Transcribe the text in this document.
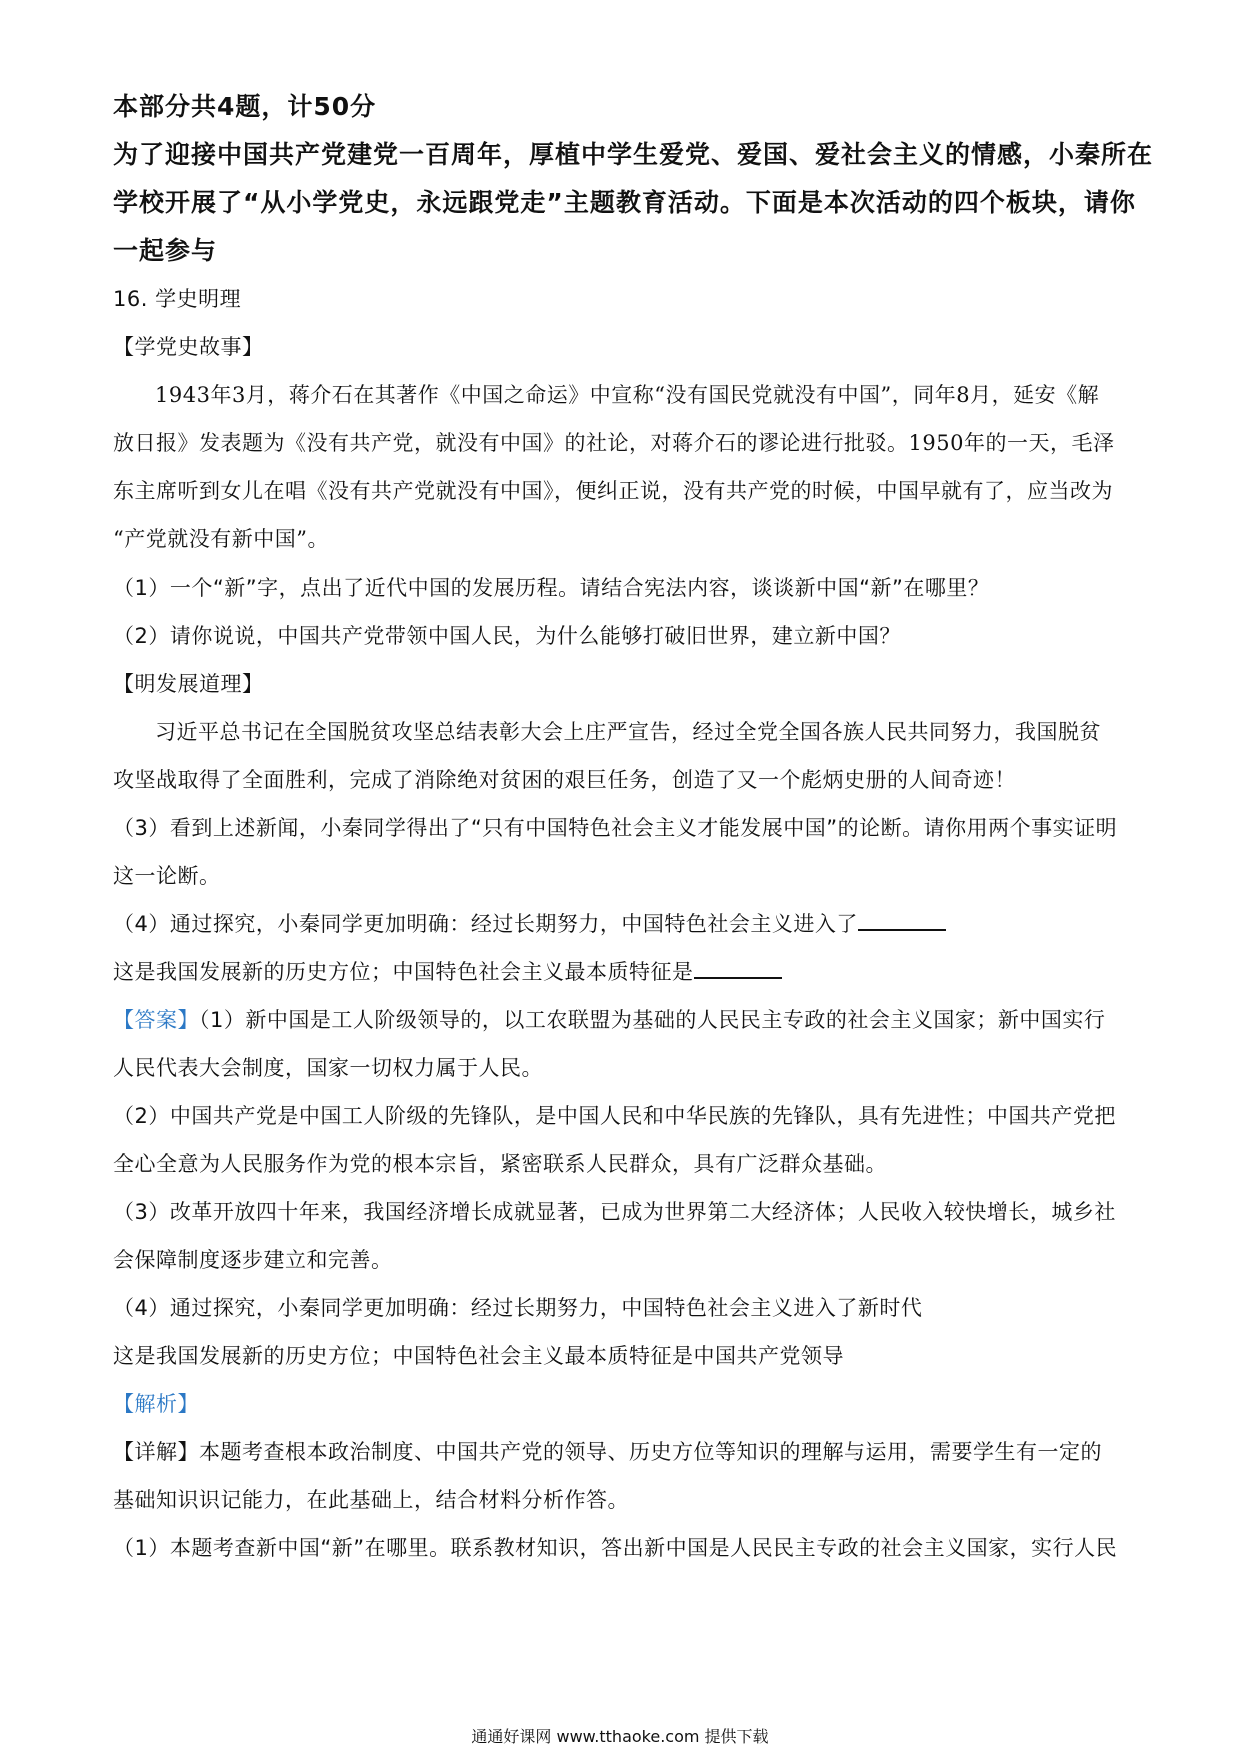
本部分共4题，计50分
为了迎接中国共产党建党一百周年，厚植中学生爱党、爱国、爱社会主义的情感，小秦所在
学校开展了“从小学党史，永远跟党走”主题教育活动。下面是本次活动的四个板块，请你
一起参与
16. 学史明理
【学党史故事】
1943年3月，蒋介石在其著作《中国之命运》中宣称“没有国民党就没有中国”，同年8月，延安《解
放日报》发表题为《没有共产党，就没有中国》的社论，对蒋介石的谬论进行批驳。1950年的一天，毛泽
东主席听到女儿在唱《没有共产党就没有中国》，便纠正说，没有共产党的时候，中国早就有了，应当改为
“产党就没有新中国”。
（1）一个“新”字，点出了近代中国的发展历程。请结合宪法内容，谈谈新中国“新”在哪里？
（2）请你说说，中国共产党带领中国人民，为什么能够打破旧世界，建立新中国？
【明发展道理】
习近平总书记在全国脱贫攻坚总结表彰大会上庄严宣告，经过全党全国各族人民共同努力，我国脱贫
攻坚战取得了全面胜利，完成了消除绝对贫困的艰巨任务，创造了又一个彪炳史册的人间奇迹！
（3）看到上述新闻，小秦同学得出了“只有中国特色社会主义才能发展中国”的论断。请你用两个事实证明
这一论断。
（4）通过探究，小秦同学更加明确：经过长期努力，中国特色社会主义进入了
这是我国发展新的历史方位；中国特色社会主义最本质特征是
【答案】（1）新中国是工人阶级领导的，以工农联盟为基础的人民民主专政的社会主义国家；新中国实行
人民代表大会制度，国家一切权力属于人民。
（2）中国共产党是中国工人阶级的先锋队，是中国人民和中华民族的先锋队，具有先进性；中国共产党把
全心全意为人民服务作为党的根本宗旨，紧密联系人民群众，具有广泛群众基础。
（3）改革开放四十年来，我国经济增长成就显著，已成为世界第二大经济体；人民收入较快增长，城乡社
会保障制度逐步建立和完善。
（4）通过探究，小秦同学更加明确：经过长期努力，中国特色社会主义进入了新时代
这是我国发展新的历史方位；中国特色社会主义最本质特征是中国共产党领导
【解析】
【详解】本题考查根本政治制度、中国共产党的领导、历史方位等知识的理解与运用，需要学生有一定的
基础知识识记能力，在此基础上，结合材料分析作答。
（1）本题考查新中国“新”在哪里。联系教材知识，答出新中国是人民民主专政的社会主义国家，实行人民
通通好课网 www.tthaoke.com 提供下载
